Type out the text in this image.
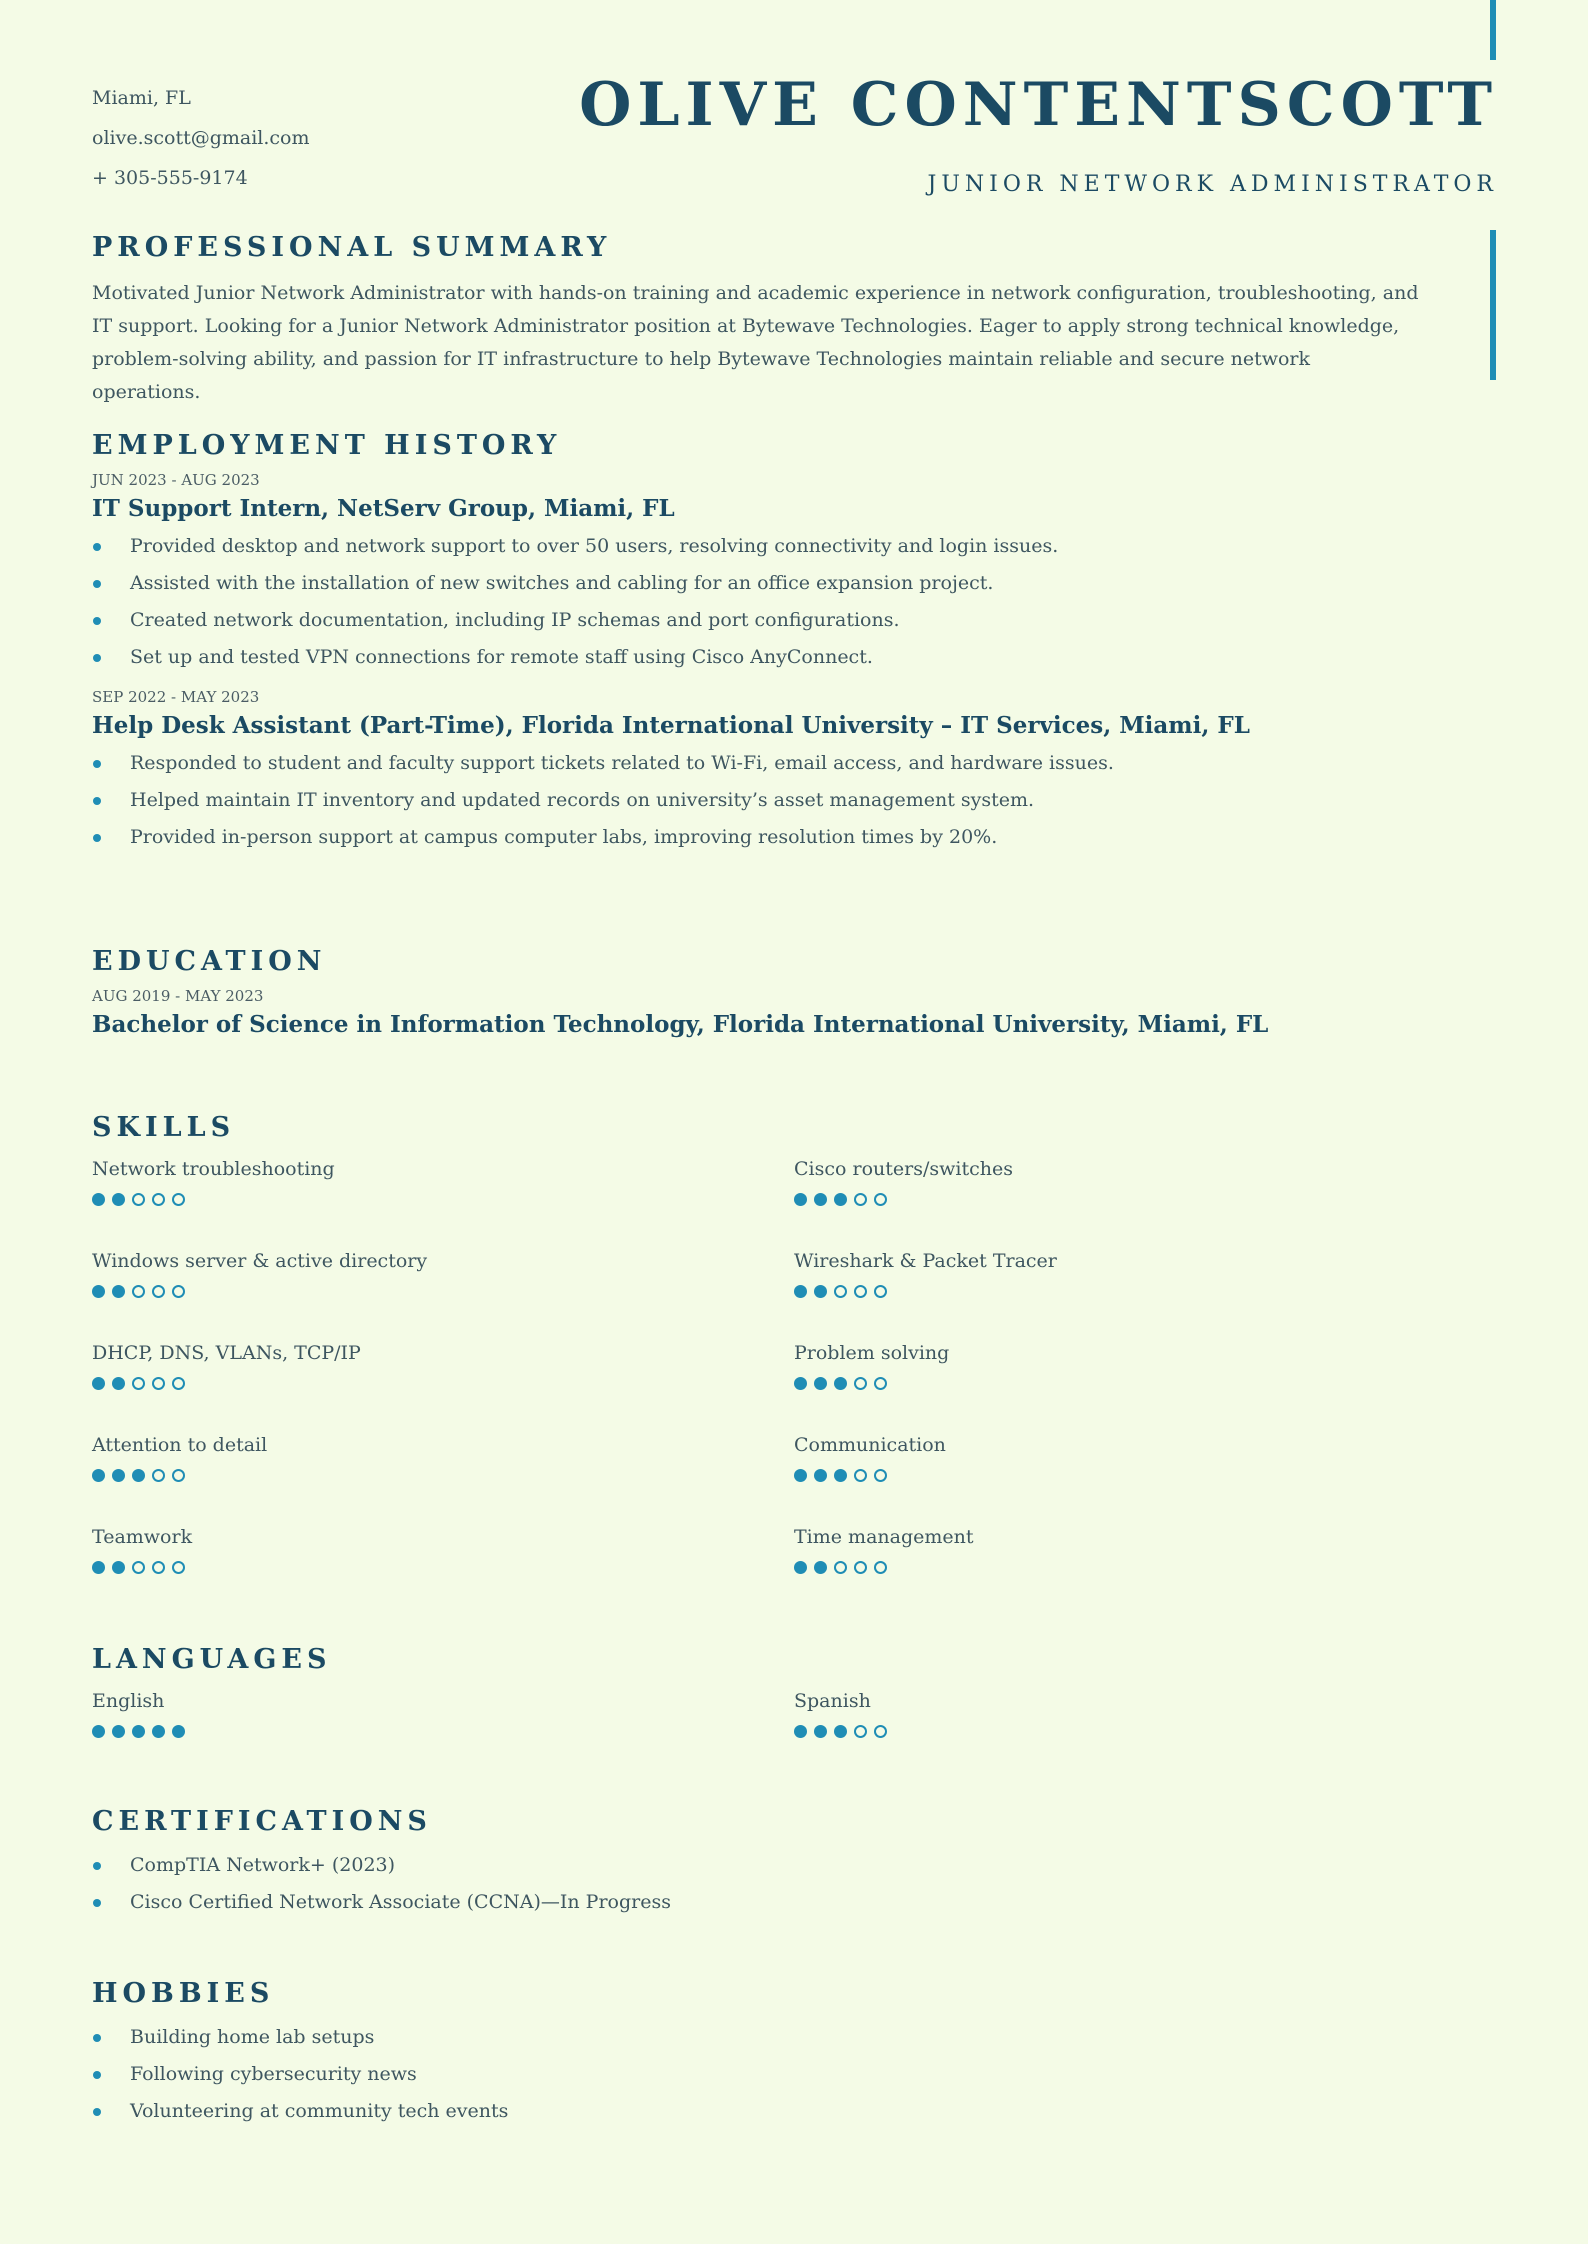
Miami, FL
olive.scott@gmail.com
+ 305-555-9174
OLIVE CONTENTSCOTT
JUNIOR NETWORK ADMINISTRATOR
PROFESSIONAL SUMMARY
Motivated Junior Network Administrator with hands-on training and academic experience in network configuration, troubleshooting, and IT support. Looking for a Junior Network Administrator position at Bytewave Technologies. Eager to apply strong technical knowledge, problem-solving ability, and passion for IT infrastructure to help Bytewave Technologies maintain reliable and secure network operations.
EMPLOYMENT HISTORY
JUN 2023 - AUG 2023
IT Support Intern, NetServ Group, Miami, FL
Provided desktop and network support to over 50 users, resolving connectivity and login issues.
Assisted with the installation of new switches and cabling for an office expansion project.
Created network documentation, including IP schemas and port configurations.
Set up and tested VPN connections for remote staff using Cisco AnyConnect.
SEP 2022 - MAY 2023
Help Desk Assistant (Part-Time), Florida International University – IT Services, Miami, FL
Responded to student and faculty support tickets related to Wi-Fi, email access, and hardware issues.
Helped maintain IT inventory and updated records on university’s asset management system.
Provided in-person support at campus computer labs, improving resolution times by 20%.
EDUCATION
AUG 2019 - MAY 2023
Bachelor of Science in Information Technology, Florida International University, Miami, FL
SKILLS
Network troubleshooting	Cisco routers/switches
Windows server & active directory	Wireshark & Packet Tracer
DHCP, DNS, VLANs, TCP/IP	Problem solving
Attention to detail	Communication
Teamwork	Time management
LANGUAGES
English	Spanish
CERTIFICATIONS
CompTIA Network+ (2023)
Cisco Certified Network Associate (CCNA)—In Progress
HOBBIES
Building home lab setups
Following cybersecurity news
Volunteering at community tech events
